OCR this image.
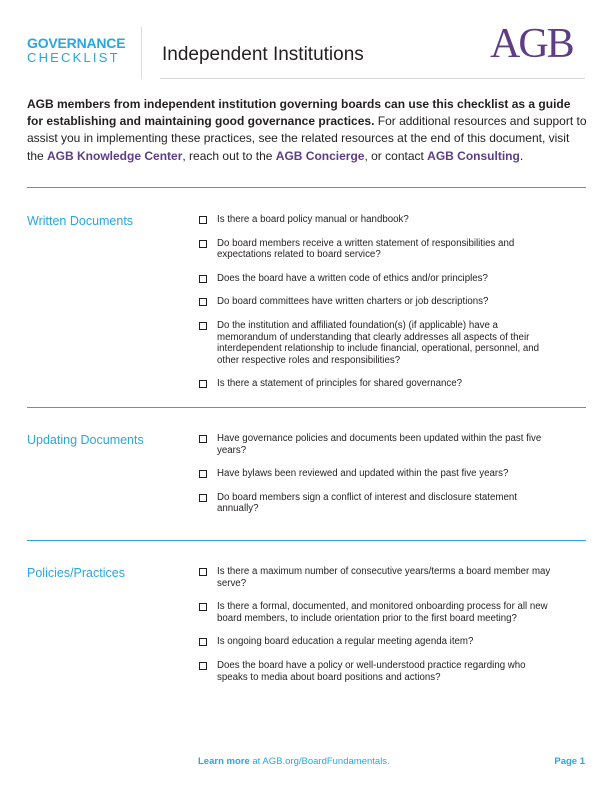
GOVERNANCE
CHECKLIST Independent Institutions	AGB
AGB members from independent institution governing boards can use this checklist as a guide for establishing and maintaining good governance practices. For additional resources and support to assist you in implementing these practices, see the related resources at the end of this document, visit the AGB Knowledge Center, reach out to the AGB Concierge, or contact AGB Consulting.
Written Documents	Is there a board policy manual or handbook?
Do board members receive a written statement of responsibilities and expectations related to board service?
Does the board have a written code of ethics and/or principles?
Do board committees have written charters or job descriptions?
Do the institution and affiliated foundation(s) (if applicable) have a memorandum of understanding that clearly addresses all aspects of their interdependent relationship to include financial, operational, personnel, and other respective roles and responsibilities?
Is there a statement of principles for shared governance?
Updating Documents	Have governance policies and documents been updated within the past five years?
Have bylaws been reviewed and updated within the past five years?
Do board members sign a conflict of interest and disclosure statement annually?
Policies/Practices	Is there a maximum number of consecutive years/terms a board member may serve?
Is there a formal, documented, and monitored onboarding process for all new board members, to include orientation prior to the first board meeting?
Is ongoing board education a regular meeting agenda item?
Does the board have a policy or well-understood practice regarding who speaks to media about board positions and actions?
Learn more at AGB.org/BoardFundamentals.	Page 1
